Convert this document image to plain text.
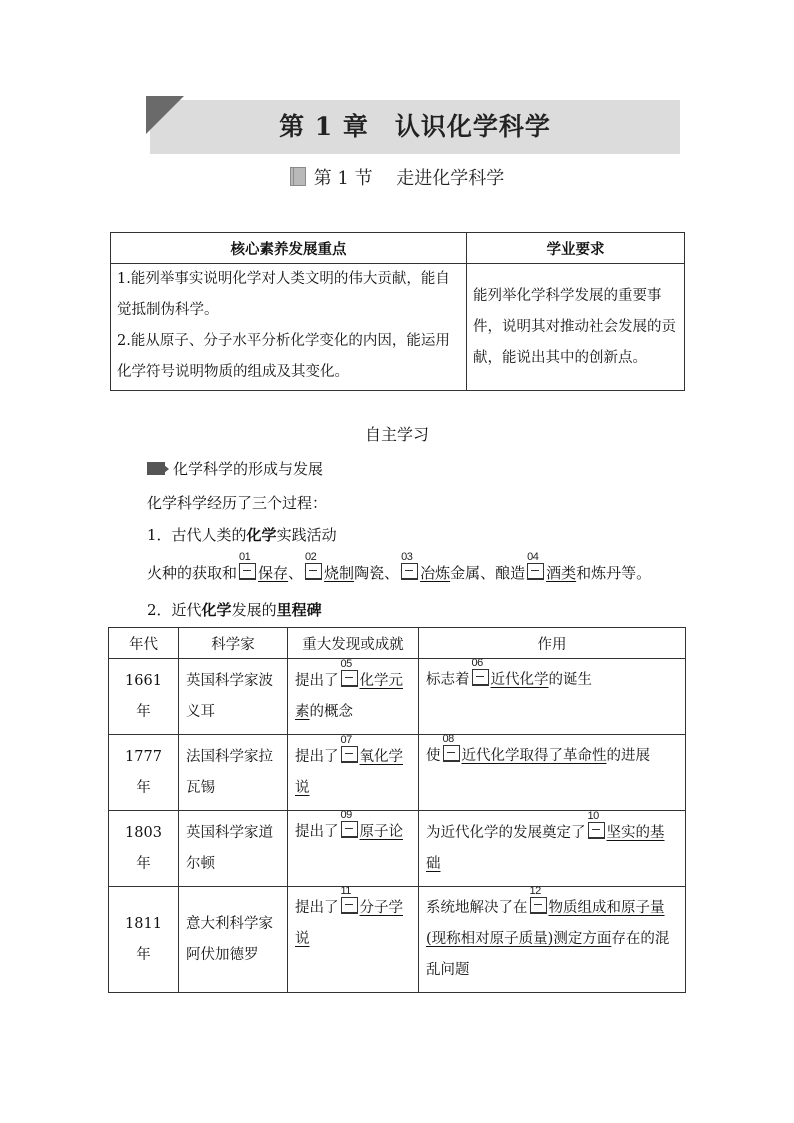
第 1 章　认识化学科学
第 1 节　 走进化学科学
核心素养发展重点	学业要求

1.能列举事实说明化学对人类文明的伟大贡献，能自觉抵制伪科学。
2.能从原子、分子水平分析化学变化的内因，能运用化学符号说明物质的组成及其变化。	能列举化学科学发展的重要事件，说明其对推动社会发展的贡献，能说出其中的创新点。
自主学习
化学科学的形成与发展
化学科学经历了三个过程：
1．古代人类的化学实践活动
火种的获取和
01
保存、
02
烧制陶瓷、
03
冶炼金属、酿造
04
酒类和炼丹等。
2．近代化学发展的里程碑
年代	科学家	重大发现或成就	作用
1661 年	英国科学家波义耳	提出了
05
化学元素的概念	标志着
06
近代化学的诞生
1777 年	法国科学家拉瓦锡	提出了
07
氧化学说	使
08
近代化学取得了革命性的进展
1803 年	英国科学家道尔顿	提出了
09
原子论	为近代化学的发展奠定了
10
坚实的基础
1811 年	意大利科学家阿伏加德罗	提出了
11
分子学说	系统地解决了在
12
物质组成和原子量(现称相对原子质量)测定方面存在的混乱问题
